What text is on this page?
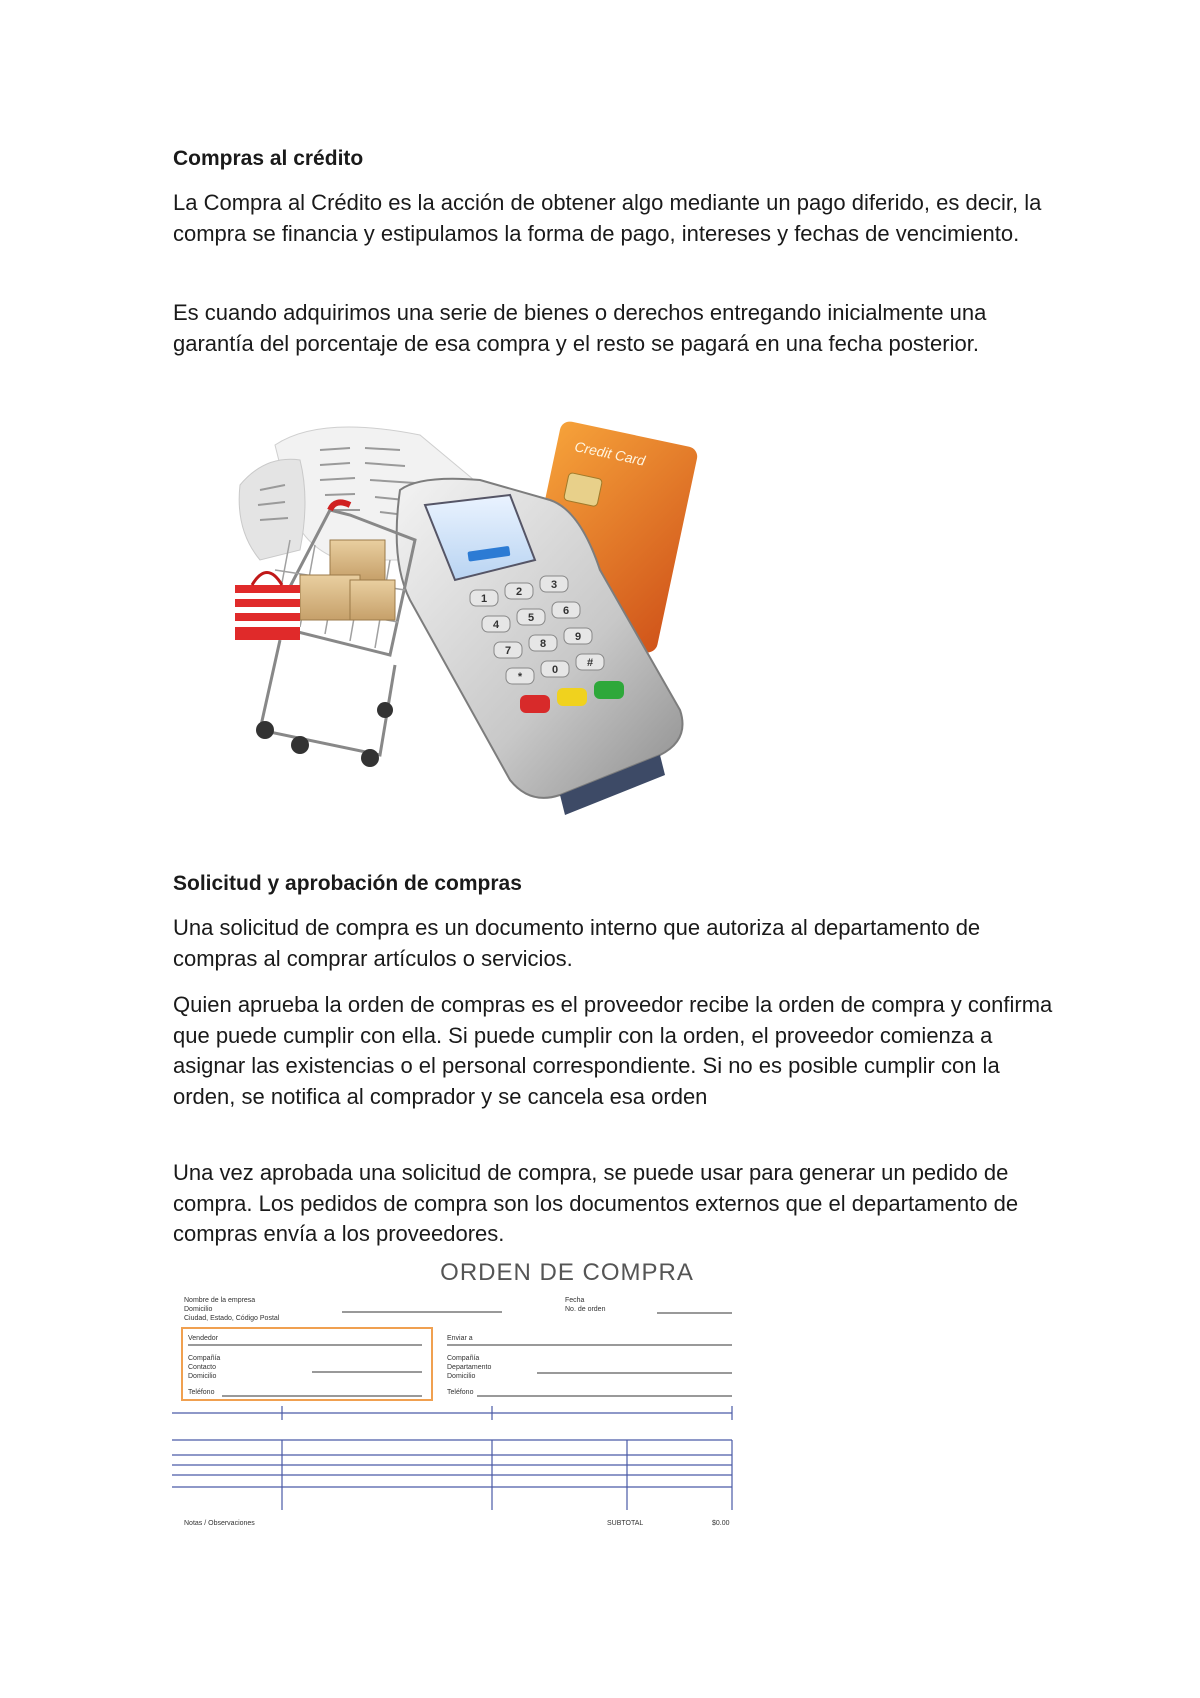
Compras al crédito

La Compra al Crédito es la acción de obtener algo mediante un pago diferido, es decir, la compra se financia y estipulamos la forma de pago, intereses y fechas de vencimiento.

Es cuando adquirimos una serie de bienes o derechos entregando inicialmente una garantía del porcentaje de esa compra y el resto se pagará en una fecha posterior.

Credit Card
1
2
3
4
5
6
7
8
9
*
0
#
Solicitud y aprobación de compras

Una solicitud de compra es un documento interno que autoriza al departamento de compras al comprar artículos o servicios.

Quien aprueba la orden de compras es el proveedor recibe la orden de compra y confirma que puede cumplir con ella. Si puede cumplir con la orden, el proveedor comienza a asignar las existencias o el personal correspondiente. Si no es posible cumplir con la orden, se notifica al comprador y se cancela esa orden

Una vez aprobada una solicitud de compra, se puede usar para generar un pedido de compra. Los pedidos de compra son los documentos externos que el departamento de compras envía a los proveedores.

ORDEN DE COMPRA
Nombre de la empresa
Domicilio
Ciudad, Estado, Código Postal
Fecha
No. de orden
Vendedor
Compañía
Contacto
Domicilio
Teléfono
Enviar a
Compañía
Departamento
Domicilio
Teléfono
Notas / Observaciones	SUBTOTAL	$0.00
